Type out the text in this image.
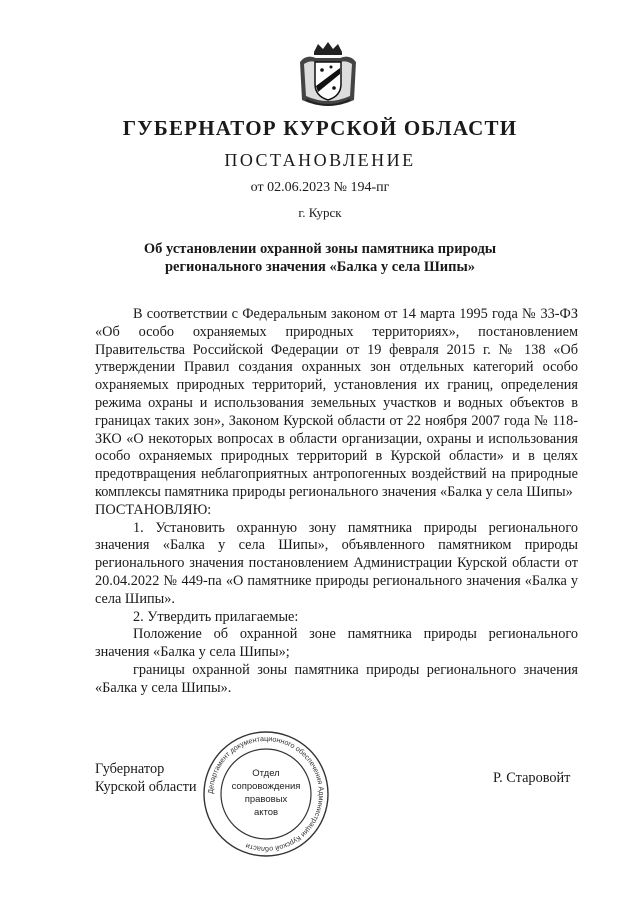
ГУБЕРНАТОР КУРСКОЙ ОБЛАСТИ
ПОСТАНОВЛЕНИЕ
от 02.06.2023 № 194-пг
г. Курск
Об установлении охранной зоны памятника природы
регионального значения «Балка у села Шипы»

В соответствии с Федеральным законом от 14 марта 1995 года № 33-ФЗ «Об особо охраняемых природных территориях», постановлением Правительства Российской Федерации от 19 февраля 2015 г. № 138 «Об утверждении Правил создания охранных зон отдельных категорий особо охраняемых природных территорий, установления их границ, определения режима охраны и использования земельных участков и водных объектов в границах таких зон», Законом Курской области от 22 ноября 2007 года № 118-ЗКО «О некоторых вопросах в области организации, охраны и использования особо охраняемых природных территорий в Курской области» и в целях предотвращения неблагоприятных антропогенных воздействий на природные комплексы памятника природы регионального значения «Балка у села Шипы»

ПОСТАНОВЛЯЮ:

1. Установить охранную зону памятника природы регионального значения «Балка у села Шипы», объявленного памятником природы регионального значения постановлением Администрации Курской области от 20.04.2022 № 449-па «О памятнике природы регионального значения «Балка у села Шипы».

2. Утвердить прилагаемые:

Положение об охранной зоне памятника природы регионального значения «Балка у села Шипы»;

границы охранной зоны памятника природы регионального значения «Балка у села Шипы».

Губернатор
Курской области Департамент документационного обеспечения Администрации Курской области
Отдел
сопровождения
правовых
актов
Р. Старовойт
